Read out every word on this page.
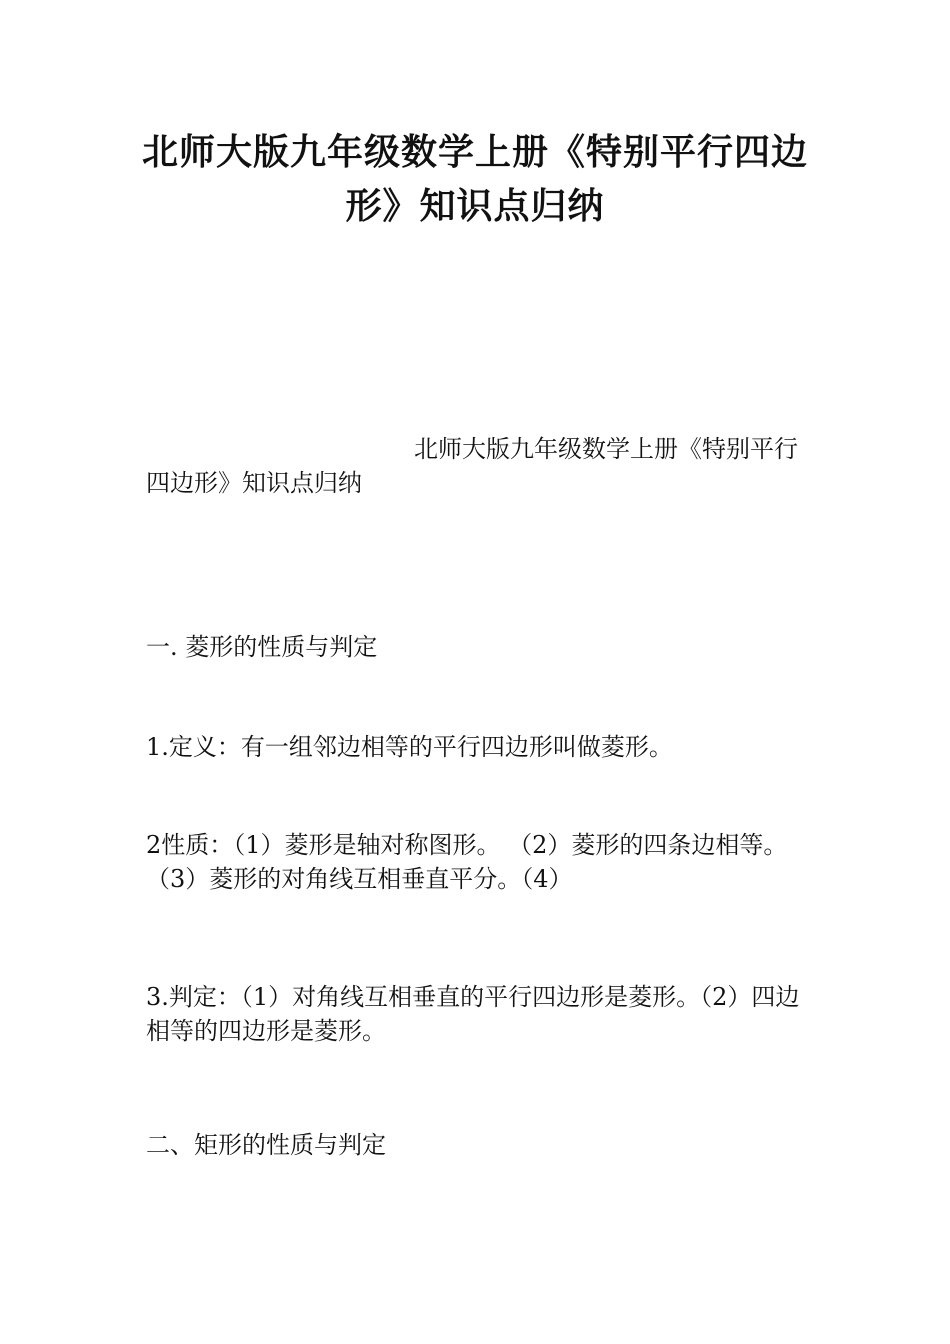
北师大版九年级数学上册《特别平行四边
形》知识点归纳

北师大版九年级数学上册《特别平行四边形》知识点归纳

一. 菱形的性质与判定

1.定义：有一组邻边相等的平行四边形叫做菱形。

2性质：（1）菱形是轴对称图形。 （2）菱形的四条边相等。（3）菱形的对角线互相垂直平分。（4）

3.判定：（1）对角线互相垂直的平行四边形是菱形。（2）四边相等的四边形是菱形。

二、矩形的性质与判定
